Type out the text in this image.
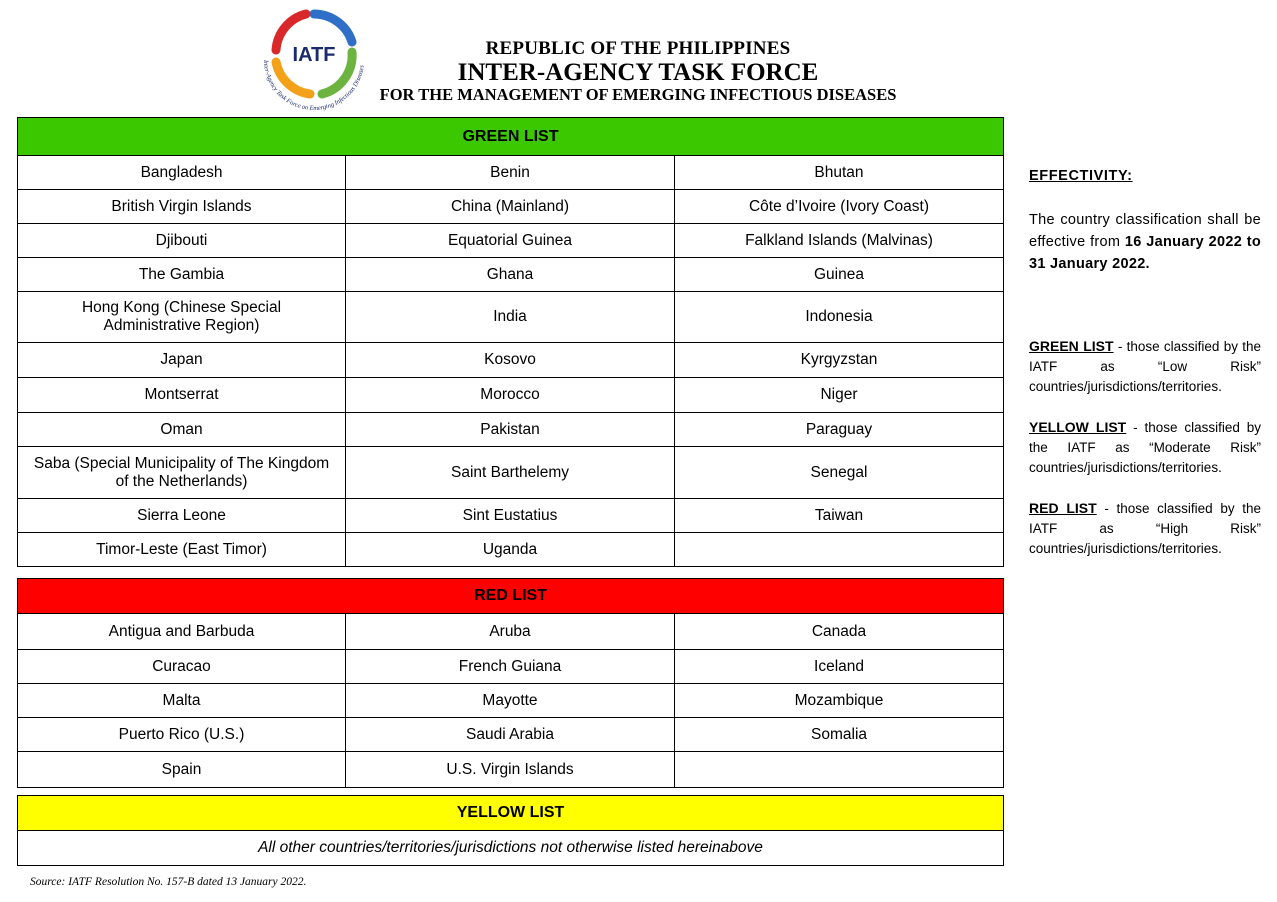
IATF
Inter-Agency Task Force on Emerging Infectious Diseases
REPUBLIC OF THE PHILIPPINES
INTER-AGENCY TASK FORCE
FOR THE MANAGEMENT OF EMERGING INFECTIOUS DISEASES
GREEN LIST		
Bangladesh	Benin	Bhutan
British Virgin Islands	China (Mainland)	Côte d’Ivoire (Ivory Coast)
Djibouti	Equatorial Guinea	Falkland Islands (Malvinas)
The Gambia	Ghana	Guinea
Hong Kong (Chinese Special Administrative Region)	India	Indonesia
Japan	Kosovo	Kyrgyzstan
Montserrat	Morocco	Niger
Oman	Pakistan	Paraguay
Saba (Special Municipality of The Kingdom of the Netherlands)	Saint Barthelemy	Senegal
Sierra Leone	Sint Eustatius	Taiwan
Timor-Leste (East Timor)	Uganda	
RED LIST		
Antigua and Barbuda	Aruba	Canada
Curacao	French Guiana	Iceland
Malta	Mayotte	Mozambique
Puerto Rico (U.S.)	Saudi Arabia	Somalia
Spain	U.S. Virgin Islands	
YELLOW LIST
All other countries/territories/jurisdictions not otherwise listed hereinabove
Source: IATF Resolution No. 157-B dated 13 January 2022.
EFFECTIVITY:
The country classification shall be effective from 16 January 2022 to 31 January 2022.
GREEN LIST - those classified by the IATF as “Low Risk” countries/jurisdictions/territories.
YELLOW LIST - those classified by the IATF as “Moderate Risk” countries/jurisdictions/territories.
RED LIST - those classified by the IATF as “High Risk” countries/jurisdictions/territories.
